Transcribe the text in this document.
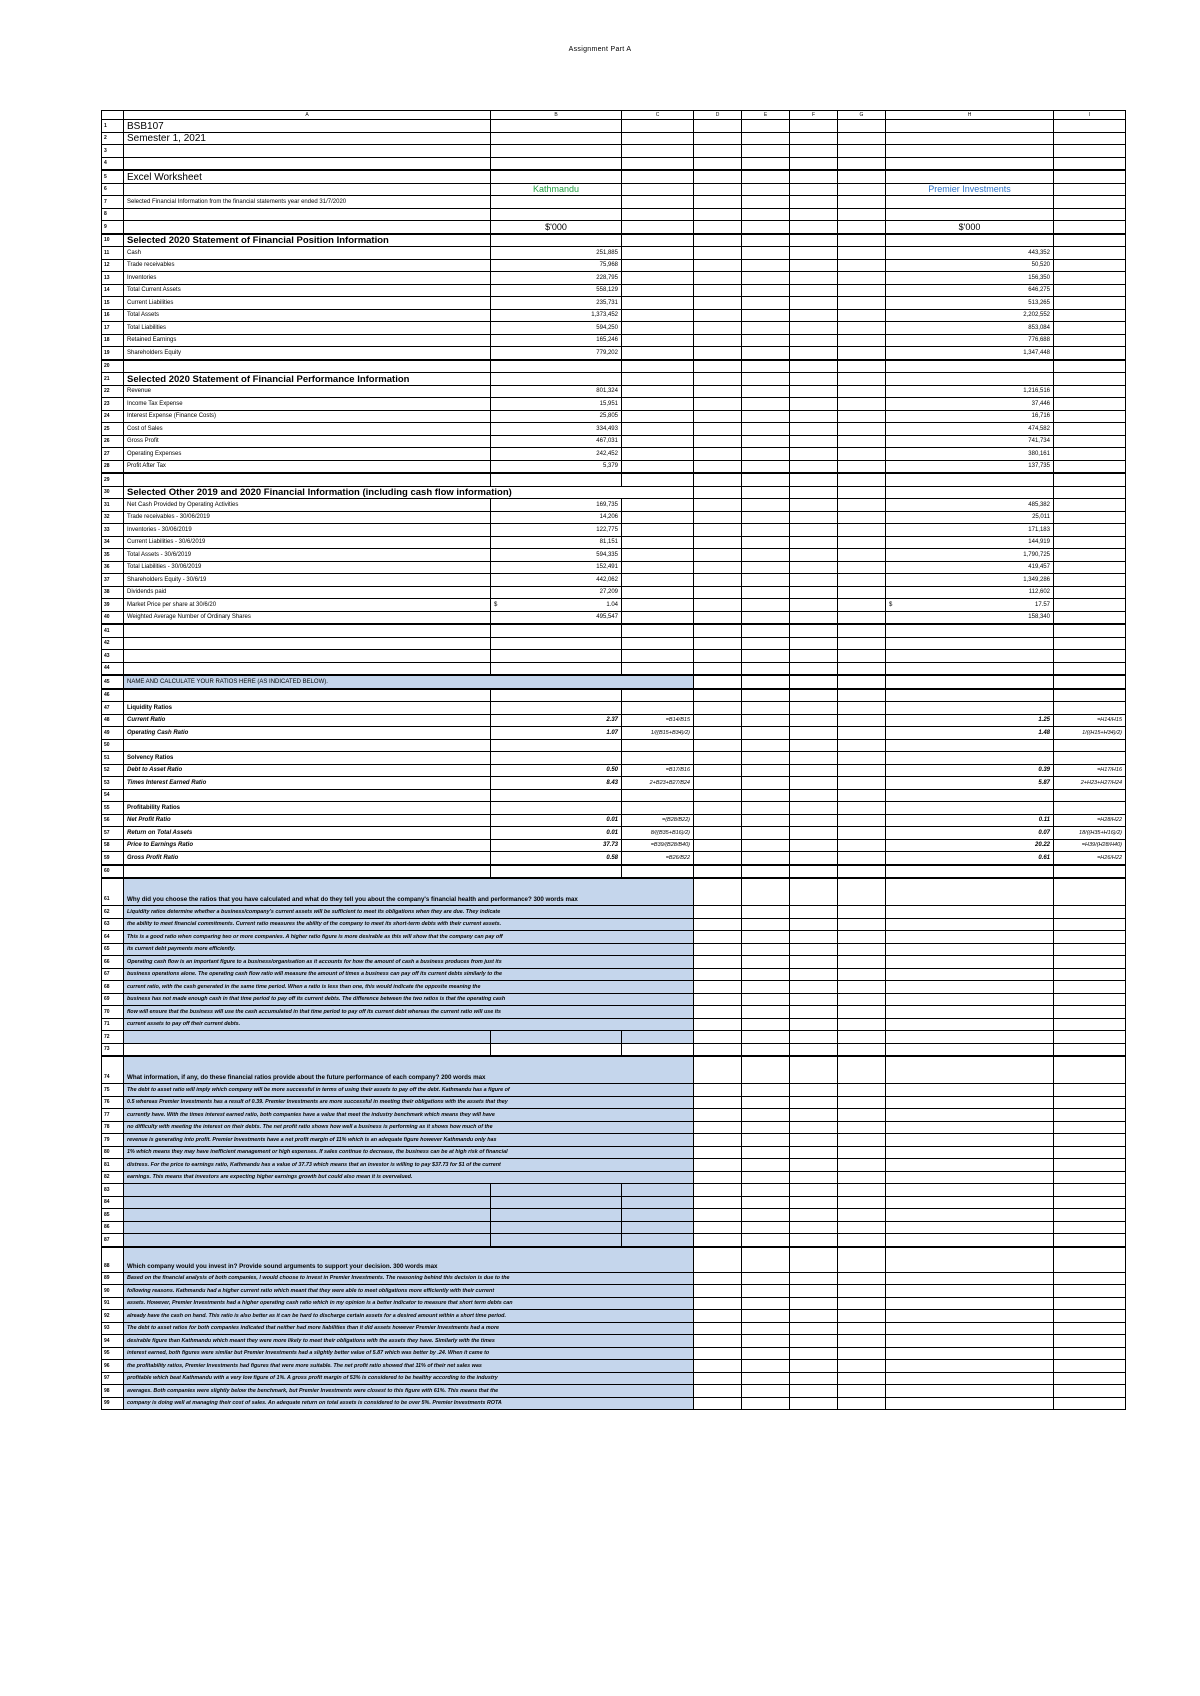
Assignment Part A
	A	B	C	D	E	F	G	H	I
1	BSB107								
2	Semester 1, 2021								
3									
4									
5	Excel Worksheet								
6		Kathmandu						Premier Investments	
7	Selected Financial Information from the financial statements year ended 31/7/2020								
8									
9		$'000						$'000	
10	Selected 2020 Statement of Financial Position Information								
11	Cash	251,885						443,352	
12	Trade receivables	75,968						50,520	
13	Inventories	228,795						156,350	
14	Total Current Assets	558,129						646,275	
15	Current Liabilities	235,731						513,265	
16	Total Assets	1,373,452						2,202,552	
17	Total Liabilities	594,250						853,084	
18	Retained Earnings	165,246						776,688	
19	Shareholders Equity	779,202						1,347,448	
20									
21	Selected 2020 Statement of Financial Performance Information								
22	Revenue	801,324						1,216,516	
23	Income Tax Expense	15,951						37,446	
24	Interest Expense (Finance Costs)	25,805						16,716	
25	Cost of Sales	334,493						474,582	
26	Gross Profit	467,031						741,734	
27	Operating Expenses	242,452						380,161	
28	Profit After Tax	5,379						137,735	
29									
30	Selected Other 2019 and 2020 Financial Information (including cash flow information)								
31	Net Cash Provided by Operating Activities	169,735						485,382	
32	Trade receivables - 30/06/2019	14,206						25,011	
33	Inventories - 30/06/2019	122,775						171,183	
34	Current Liabilities - 30/6/2019	81,151						144,919	
35	Total Assets - 30/6/2019	594,335						1,790,725	
36	Total Liabilities - 30/06/2019	152,491						419,457	
37	Shareholders Equity - 30/6/19	442,062						1,349,286	
38	Dividends paid	27,209						112,602	
39	Market Price per share at 30/6/20	$ 1.04						$ 17.57	
40	Weighted Average Number of Ordinary Shares	495,547						158,340	
41									
42									
43									
44									
45	NAME AND CALCULATE YOUR RATIOS HERE (AS INDICATED BELOW).								
46									
47	Liquidity Ratios								
48	Current Ratio	2.37	=B14/B15					1.25	=H14/H15
49	Operating Cash Ratio	1.07	1/((B15+B34)/2)					1.48	1/((H15+H34)/2)
50									
51	Solvency Ratios								
52	Debt to Asset Ratio	0.50	=B17/B16					0.39	=H17/H16
53	Times Interest Earned Ratio	8.43	2+B23+B27/B24					5.87	2+H23+H27/H24
54									
55	Profitability Ratios								
56	Net Profit Ratio	0.01	=(B28/B22)					0.11	=H28/H22
57	Return on Total Assets	0.01	8/((B35+B16)/2)					0.07	18/((H35+H16)/2)
58	Price to Earnings Ratio	37.73	=B39/(B28/B40)					20.22	=H39/(H28/H40)
59	Gross Profit Ratio	0.58	=B26/B22					0.61	=H26/H22
60									
61	Why did you choose the ratios that you have calculated and what do they tell you about the company's financial health and performance? 300 words max								
62	Liquidity ratios determine whether a business/company's current assets will be sufficient to meet its obligations when they are due. They indicate								
63	the ability to meet financial commitments. Current ratio measures the ability of the company to meet its short-term debts with their current assets.								
64	This is a good ratio when comparing two or more companies. A higher ratio figure is more desirable as this will show that the company can pay off								
65	its current debt payments more efficiently.								
66	Operating cash flow is an important figure to a business/organisation as it accounts for how the amount of cash a business produces from just its								
67	business operations alone. The operating cash flow ratio will measure the amount of times a business can pay off its current debts similarly to the								
68	current ratio, with the cash generated in the same time period. When a ratio is less than one, this would indicate the opposite meaning the								
69	business has not made enough cash in that time period to pay off its current debts. The difference between the two ratios is that the operating cash								
70	flow will ensure that the business will use the cash accumulated in that time period to pay off its current debt whereas the current ratio will use its								
71	current assets to pay off their current debts.								
72									
73									
74	What information, if any, do these financial ratios provide about the future performance of each company? 200 words max								
75	The debt to asset ratio will imply which company will be more successful in terms of using their assets to pay off the debt. Kathmandu has a figure of								
76	0.5 whereas Premier Investments has a result of 0.39. Premier Investments are more successful in meeting their obligations with the assets that they								
77	currently have. With the times interest earned ratio, both companies have a value that meet the industry benchmark which means they will have								
78	no difficulty with meeting the interest on their debts. The net profit ratio shows how well a business is performing as it shows how much of the								
79	revenue is generating into profit. Premier Investments have a net profit margin of 11% which is an adequate figure however Kathmandu only has								
80	1% which means they may have inefficient management or high expenses. If sales continue to decrease, the business can be at high risk of financial								
81	distress. For the price to earnings ratio, Kathmandu has a value of 37.73 which means that an investor is willing to pay $37.73 for $1 of the current								
82	earnings. This means that investors are expecting higher earnings growth but could also mean it is overvalued.								
83									
84									
85									
86									
87									
88	Which company would you invest in? Provide sound arguments to support your decision. 300 words max								
89	Based on the financial analysis of both companies, I would choose to invest in Premier Investments. The reasoning behind this decision is due to the								
90	following reasons. Kathmandu had a higher current ratio which meant that they were able to meet obligations more efficiently with their current								
91	assets. However, Premier Investments had a higher operating cash ratio which in my opinion is a better indicator to measure that short term debts can								
92	already have the cash on hand. This ratio is also better as it can be hard to discharge certain assets for a desired amount within a short time period.								
93	The debt to asset ratios for both companies indicated that neither had more liabilities than it did assets however Premier Investments had a more								
94	desirable figure than Kathmandu which meant they were more likely to meet their obligations with the assets they have. Similarly with the times								
95	interest earned, both figures were similar but Premier Investments had a slightly better value of 5.87 which was better by .24. When it came to								
96	the profitability ratios, Premier Investments had figures that were more suitable. The net profit ratio showed that 11% of their net sales was								
97	profitable which beat Kathmandu with a very low figure of 1%. A gross profit margin of 53% is considered to be healthy according to the industry								
98	averages. Both companies were slightly below the benchmark, but Premier Investments were closest to this figure with 61%. This means that the								
99	company is doing well at managing their cost of sales. An adequate return on total assets is considered to be over 5%. Premier Investments ROTA								
